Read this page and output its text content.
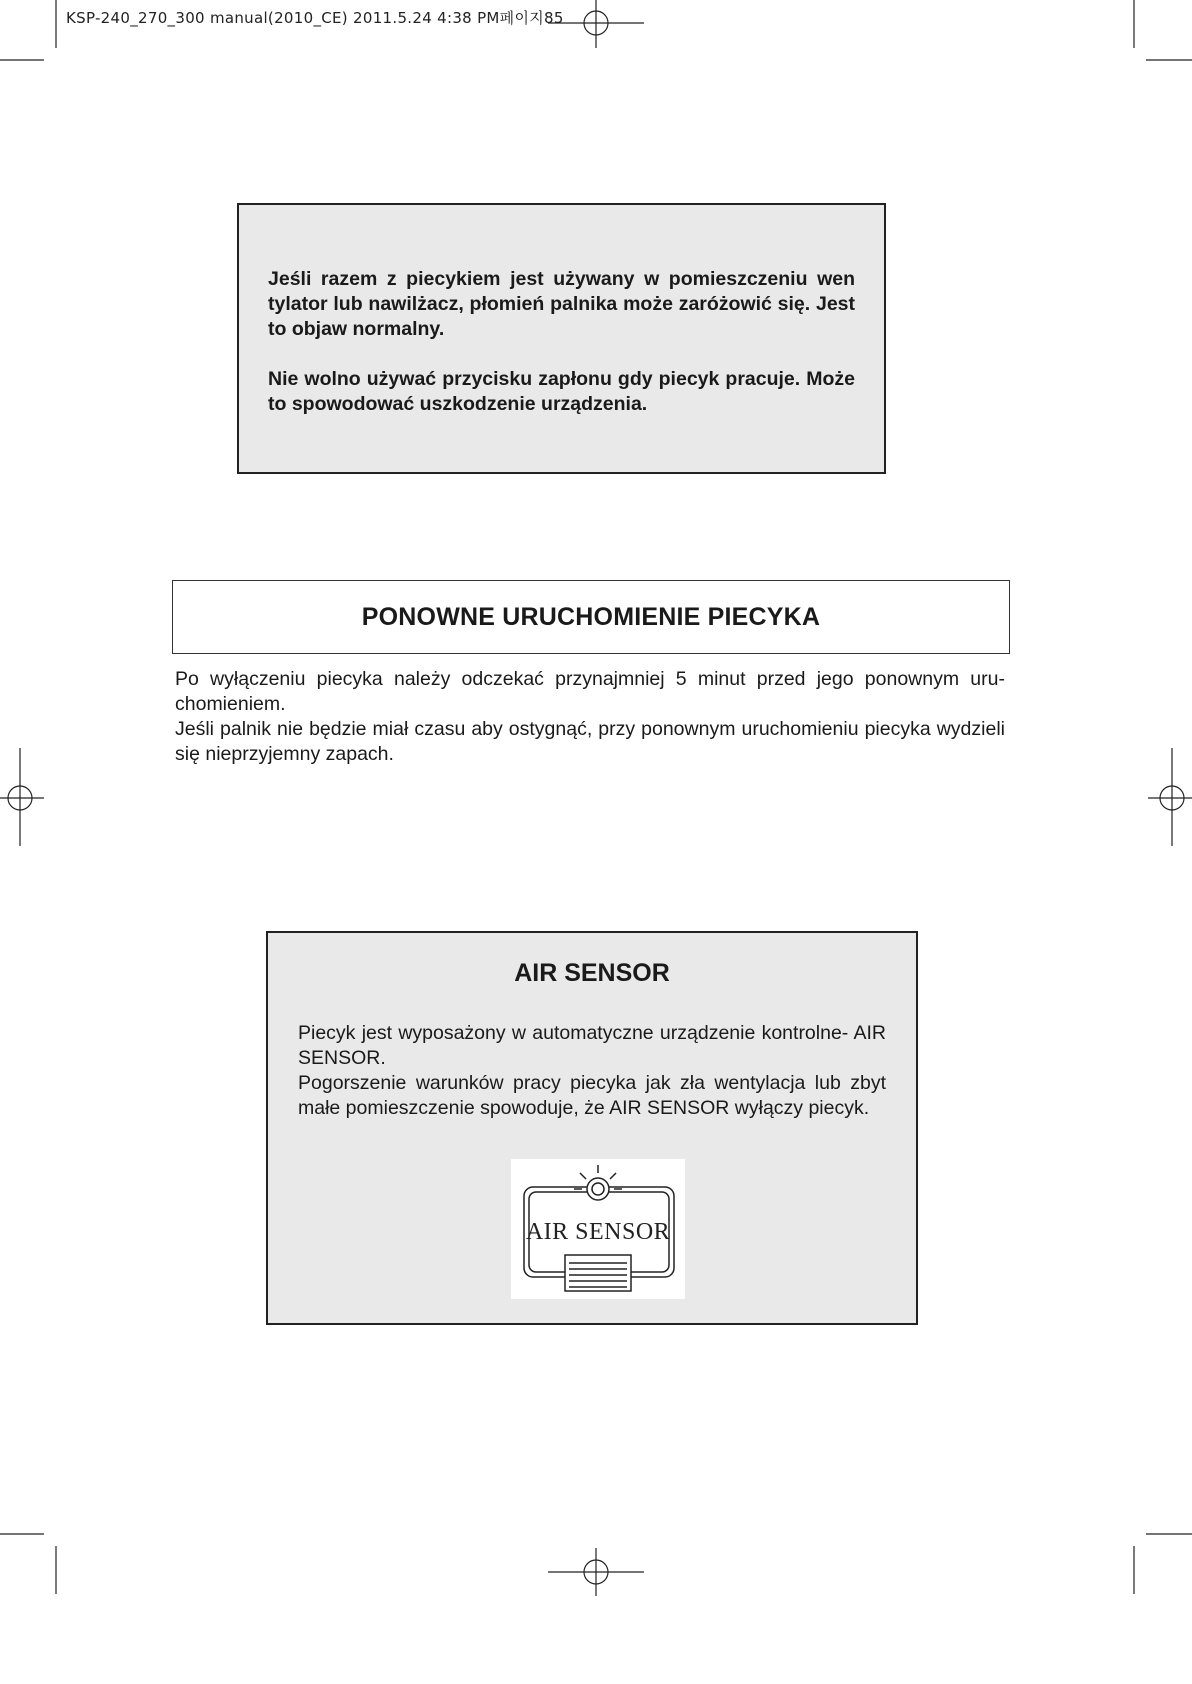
KSP-240_270_300 manual(2010_CE) 2011.5.24 4:38 PM페이지85

Jeśli razem z piecykiem jest używany w pomieszczeniu wen tylator lub nawilżacz, płomień palnika może zaróżowić się. Jest to objaw normalny.

Nie wolno używać przycisku zapłonu gdy piecyk pracuje. Może to spowodować uszkodzenie urządzenia.

PONOWNE URUCHOMIENIE PIECYKA

Po wyłączeniu piecyka należy odczekać przynajmniej 5 minut przed jego ponownym uru- chomieniem.

Jeśli palnik nie będzie miał czasu aby ostygnąć, przy ponownym uruchomieniu piecyka wydzieli się nieprzyjemny zapach.

AIR SENSOR

Piecyk jest wyposażony w automatyczne urządzenie kontrolne- AIR SENSOR.

Pogorszenie warunków pracy piecyka jak zła wentylacja lub zbyt małe pomieszczenie spowoduje, że AIR SENSOR wyłączy piecyk.

AIR SENSOR
